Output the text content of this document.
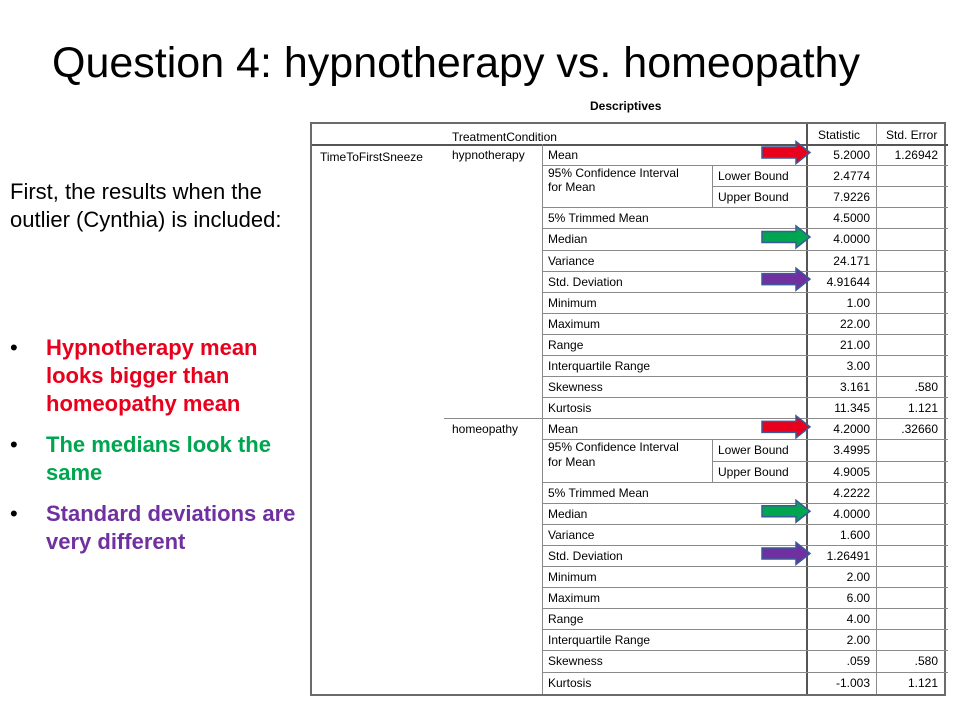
Question 4: hypnotherapy vs. homeopathy
First, the results when the outlier (Cynthia) is included:
• Hypnotherapy mean looks bigger than homeopathy mean
• The medians look the same
• Standard deviations are very different
Descriptives
TreatmentCondition	Statistic Std. Error
TimeToFirstSneeze hypnotherapy Mean	5.2000	1.26942
95% Confidence Interval	Lower Bound	2.4774
for Mean
Upper Bound	7.9226
5% Trimmed Mean	4.5000
Median	4.0000
Variance	24.171
Std. Deviation	4.91644
Minimum	1.00
Maximum	22.00
Range	21.00
Interquartile Range	3.00
Skewness	3.161	.580
Kurtosis	11.345	1.121
homeopathy Mean	4.2000	.32660
95% Confidence Interval	Lower Bound	3.4995
for Mean
Upper Bound	4.9005
5% Trimmed Mean	4.2222
Median	4.0000
Variance	1.600
Std. Deviation	1.26491
Minimum	2.00
Maximum	6.00
Range	4.00
Interquartile Range	2.00
Skewness	.059	.580
Kurtosis	-1.003	1.121
